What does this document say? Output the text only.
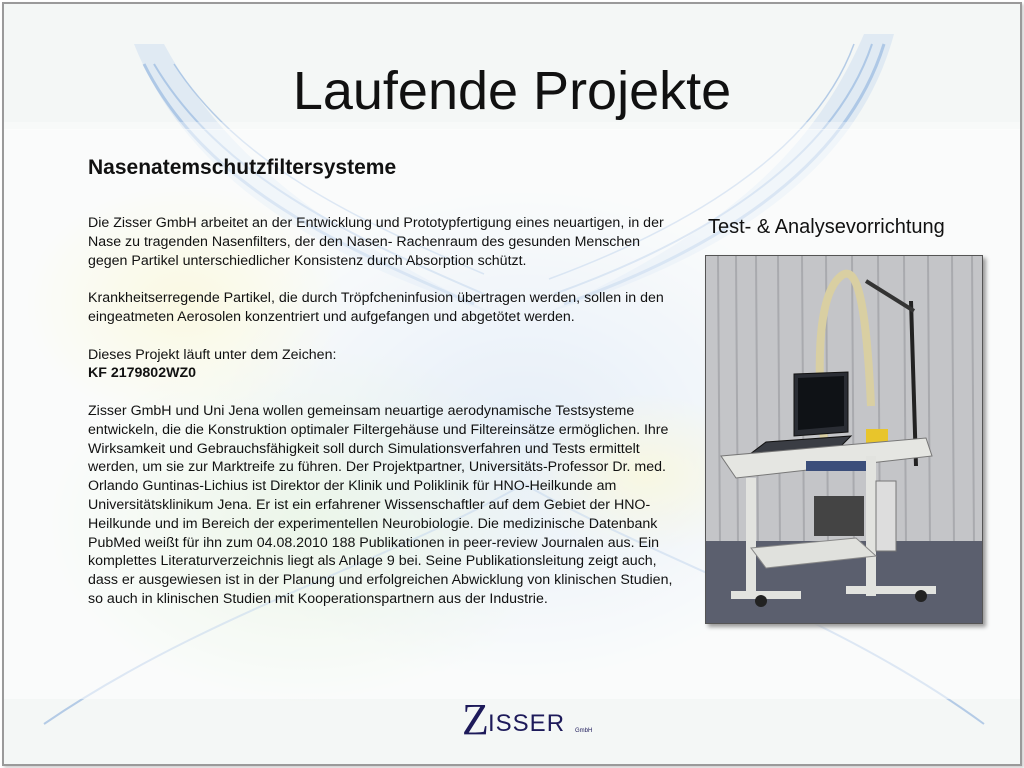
Laufende Projekte
Nasenatemschutzfiltersysteme

Die Zisser GmbH arbeitet an der Entwicklung und Prototypfertigung eines neuartigen, in der Nase zu tragenden Nasenfilters, der den Nasen- Rachenraum des gesunden Menschen gegen Partikel unterschiedlicher Konsistenz durch Absorption schützt.

Krankheitserregende Partikel, die durch Tröpfcheninfusion übertragen werden, sollen in den eingeatmeten Aerosolen konzentriert und aufgefangen und abgetötet werden.

Dieses Projekt läuft unter dem Zeichen:
KF 2179802WZ0

Zisser GmbH und Uni Jena wollen gemeinsam neuartige aerodynamische Testsysteme entwickeln, die die Konstruktion optimaler Filtergehäuse und Filtereinsätze ermöglichen. Ihre Wirksamkeit und Gebrauchsfähigkeit soll durch Simulationsverfahren und Tests ermittelt werden, um sie zur Marktreife zu führen. Der Projektpartner, Universitäts-Professor Dr. med. Orlando Guntinas-Lichius ist Direktor der Klinik und Poliklinik für HNO-Heilkunde am Universitätsklinikum Jena. Er ist ein erfahrener Wissenschaftler auf dem Gebiet der HNO-Heilkunde und im Bereich der experimentellen Neurobiologie. Die medizinische Datenbank PubMed weißt für ihn zum 04.08.2010 188 Publikationen in peer-review Journalen aus. Ein komplettes Literaturverzeichnis liegt als Anlage 9 bei. Seine Publikationsleitung zeigt auch, dass er ausgewiesen ist in der Planung und erfolgreichen Abwicklung von klinischen Studien, so auch in klinischen Studien mit Kooperationspartnern aus der Industrie.

Test- & Analysevorrichtung
Z ISSER GmbH
